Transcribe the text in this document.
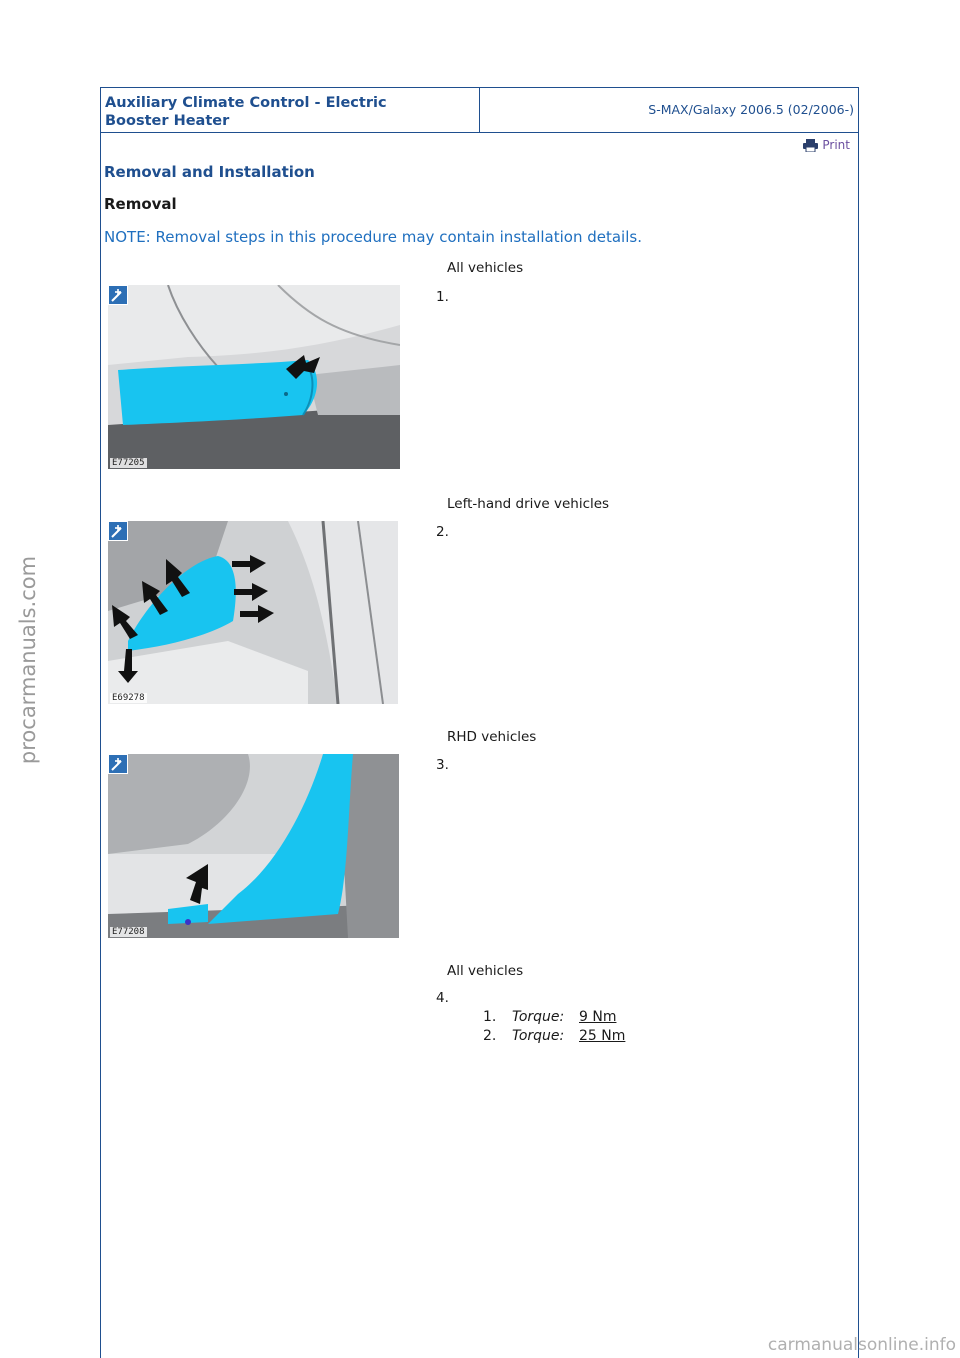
Auxiliary Climate Control - Electric
Booster Heater
S-MAX/Galaxy 2006.5 (02/2006-)
Print
Removal and Installation
Removal
NOTE: Removal steps in this procedure may contain installation details.
All vehicles
1.
E77205
Left-hand drive vehicles
2.
E69278
RHD vehicles
3.
E77208
All vehicles
4.
1. Torque: 9 Nm
2. Torque: 25 Nm
procarmanuals.com
carmanualsonline.info
